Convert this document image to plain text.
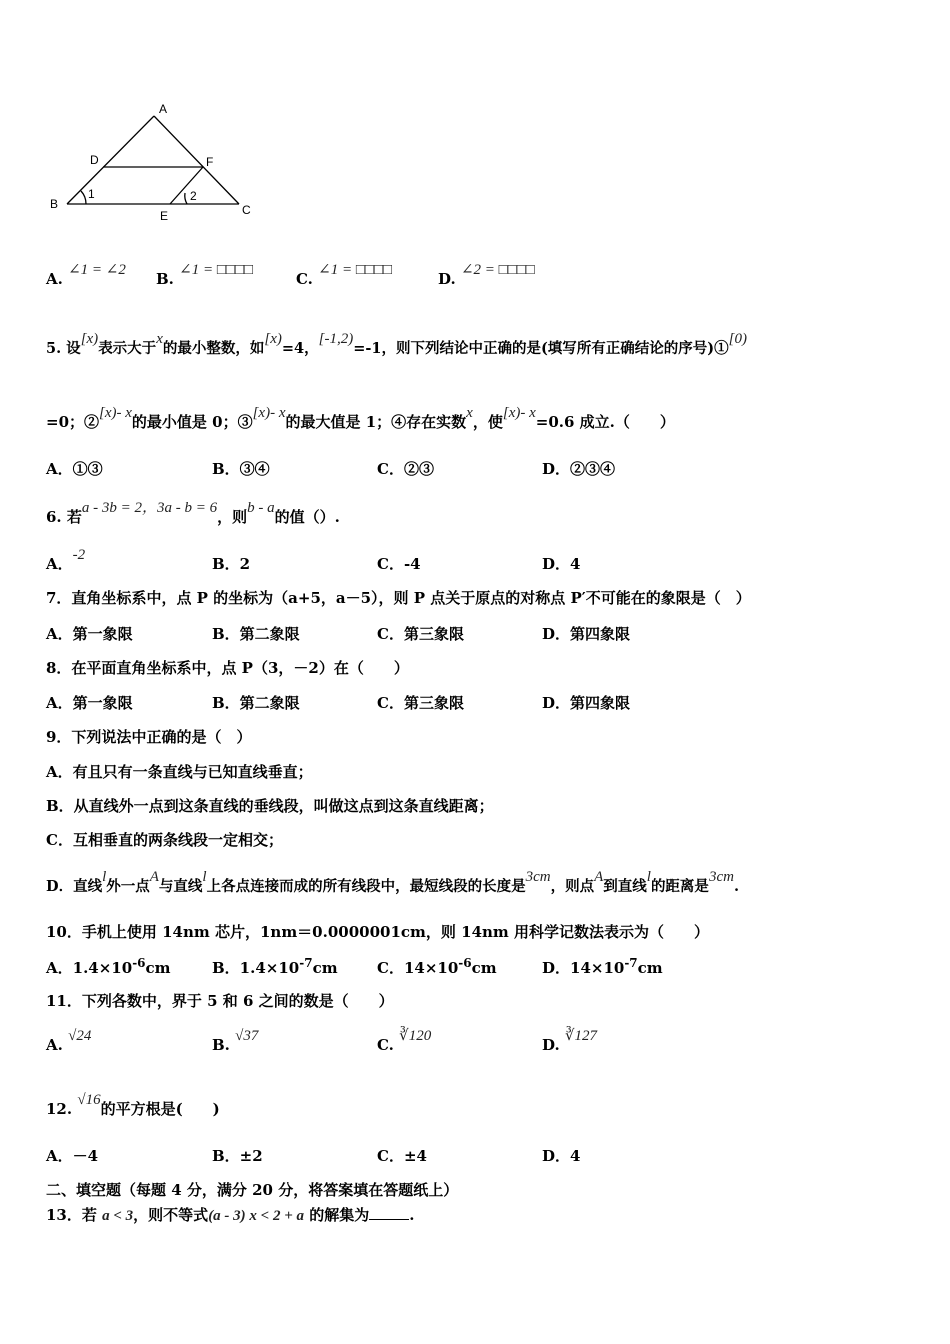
A
D	F
B
E	C
1	2
A. ∠1 = ∠2 B. ∠1 = □□□□	C. ∠1 = □□□□	D. ∠2 = □□□□
5. 设[x)表示大于x的最小整数，如[x)=4，[-1,2)=-1，则下列结论中正确的是(填写所有正确结论的序号)①[0)
=0；②[x)- x的最小值是 0；③[x)- x的最大值是 1；④存在实数x，使[x)- x=0.6 成立.（　　）
A．①③	B．③④	C．②③	D．②③④
6. 若a - 3b = 2，3a - b = 6，则b - a的值（）.
A．-2	B．2	C．-4	D．4
7．直角坐标系中，点 P 的坐标为（a+5，a－5），则 P 点关于原点的对称点 P′不可能在的象限是（　）
A．第一象限	B．第二象限	C．第三象限	D．第四象限
8．在平面直角坐标系中，点 P（3，－2）在（　　）
A．第一象限	B．第二象限	C．第三象限	D．第四象限
9．下列说法中正确的是（　）
A．有且只有一条直线与已知直线垂直；
B．从直线外一点到这条直线的垂线段，叫做这点到这条直线距离；
C．互相垂直的两条线段一定相交；
D．直线l外一点A与直线l上各点连接而成的所有线段中，最短线段的长度是3cm，则点A到直线l的距离是3cm.
10．手机上使用 14nm 芯片，1nm＝0.0000001cm，则 14nm 用科学记数法表示为（　　）
A．$1.4\times 10^{-6}cm$	B．$1.4\times 10^{-7}cm$	C．$14\times 10^{-6}cm$	D．$14\times 10^{-7}cm$
11．下列各数中，界于 5 和 6 之间的数是（　　）
A. √24	B. √37	C. ∛120	D. ∛127
12. √16的平方根是(　　)
A．－4	B．±2	C．±4	D．4
二、填空题（每题 4 分，满分 20 分，将答案填在答题纸上）
13．若 a < 3，则不等式(a - 3) x < 2 + a 的解集为	.
